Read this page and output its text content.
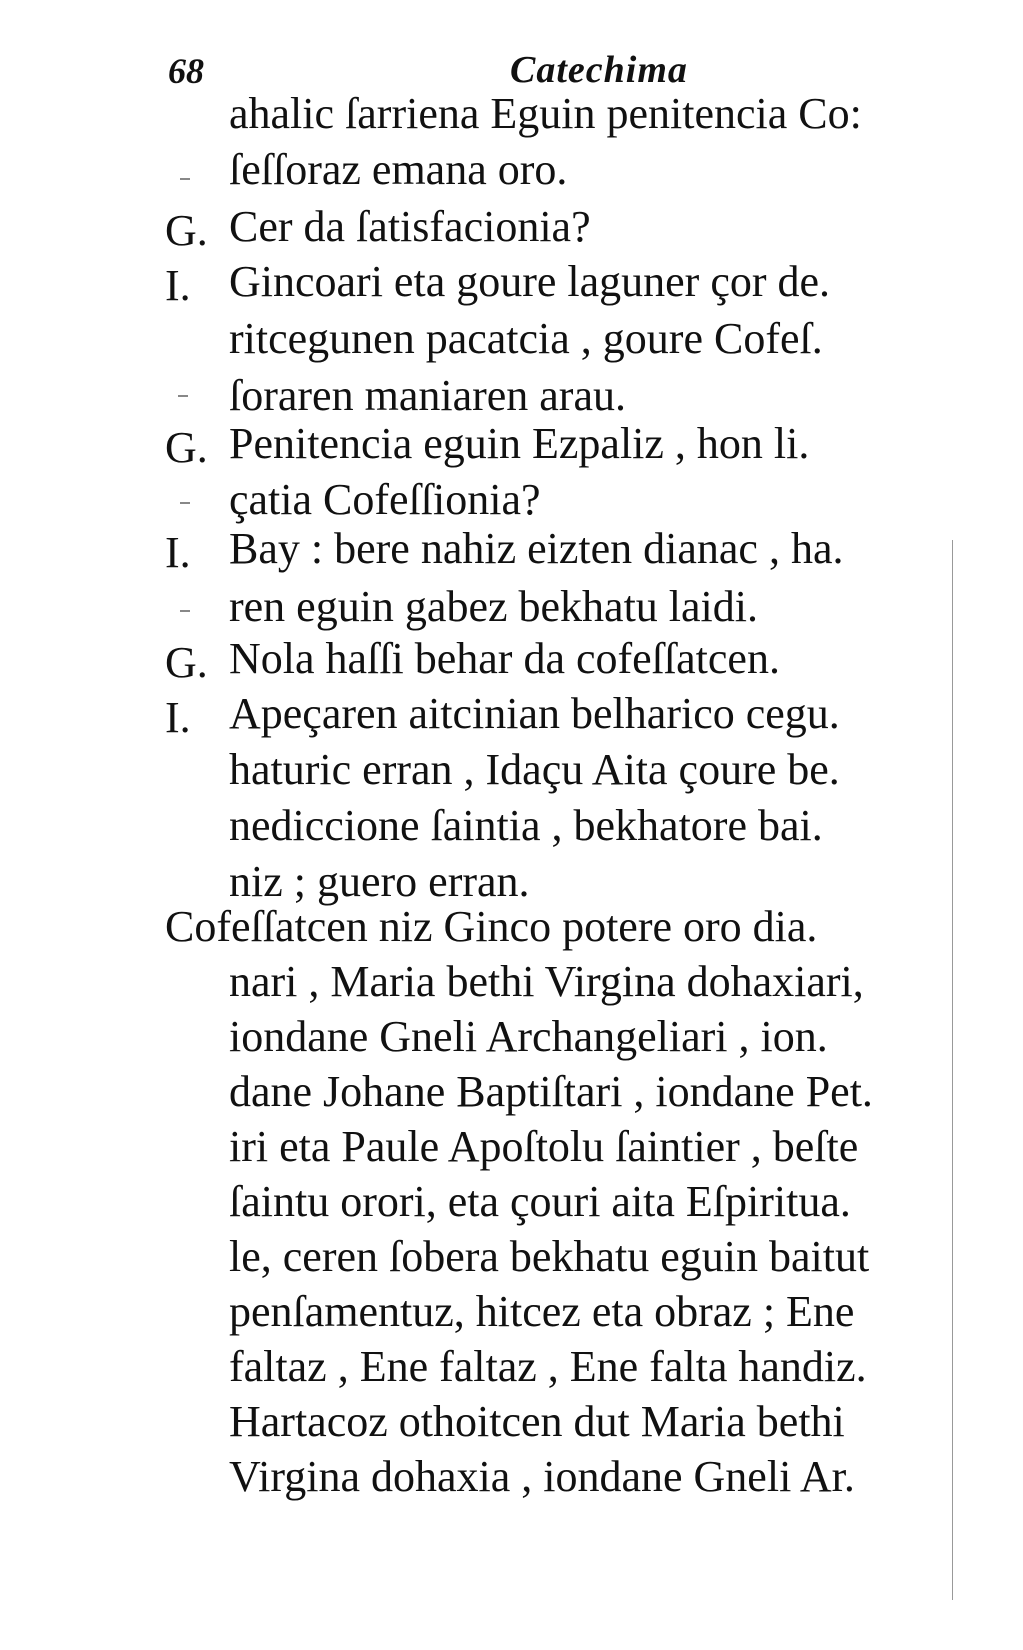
68	Catechima
ahalic ſarriena Eguin penitencia Co:
ſeſſoraz emana oro.
G. Cer da ſatisfacionia?
I. Gincoari eta goure laguner çor de.
ritcegunen pacatcia , goure Cofeſ.
ſoraren maniaren arau.
G. Penitencia eguin Ezpaliz , hon li.
çatia Cofeſſionia?
I. Bay : bere nahiz eizten dianac , ha.
ren eguin gabez bekhatu laidi.
G. Nola haſſi behar da cofeſſatcen.
I. Apeçaren aitcinian belharico cegu.
haturic erran , Idaçu Aita çoure be.
nediccione ſaintia , bekhatore bai.
niz ; guero erran.
Cofeſſatcen niz Ginco potere oro dia.
nari , Maria bethi Virgina dohaxiari,
iondane Gneli Archangeliari , ion.
dane Johane Baptiſtari , iondane Pet.
iri eta Paule Apoſtolu ſaintier , beſte
ſaintu orori, eta çouri aita Eſpiritua.
le, ceren ſobera bekhatu eguin baitut
penſamentuz, hitcez eta obraz ; Ene
faltaz , Ene faltaz , Ene falta handiz.
Hartacoz othoitcen dut Maria bethi
Virgina dohaxia , iondane Gneli Ar.
